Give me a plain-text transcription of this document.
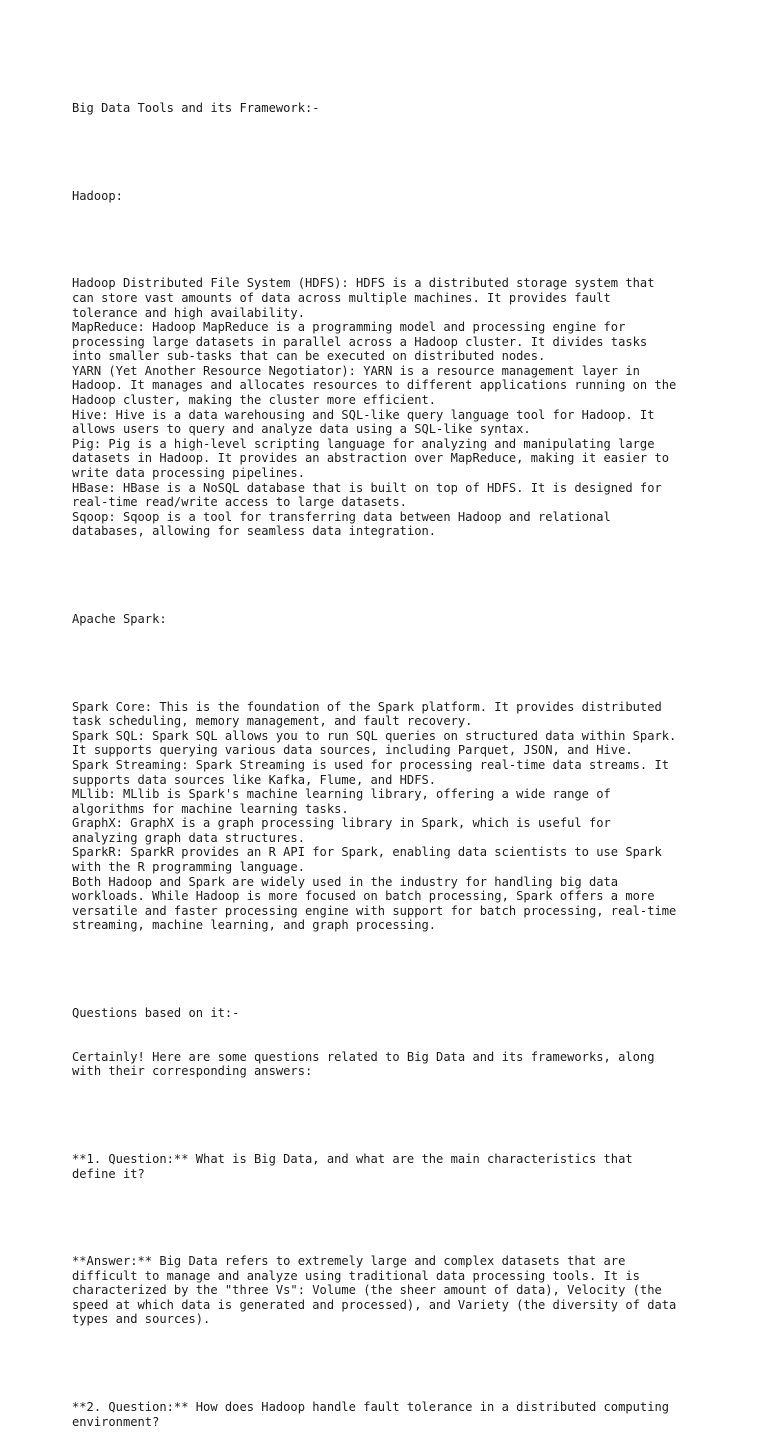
Big Data Tools and its Framework:-

Hadoop:

Hadoop Distributed File System (HDFS): HDFS is a distributed storage system that
can store vast amounts of data across multiple machines. It provides fault
tolerance and high availability.
MapReduce: Hadoop MapReduce is a programming model and processing engine for
processing large datasets in parallel across a Hadoop cluster. It divides tasks
into smaller sub-tasks that can be executed on distributed nodes.
YARN (Yet Another Resource Negotiator): YARN is a resource management layer in
Hadoop. It manages and allocates resources to different applications running on the
Hadoop cluster, making the cluster more efficient.
Hive: Hive is a data warehousing and SQL-like query language tool for Hadoop. It
allows users to query and analyze data using a SQL-like syntax.
Pig: Pig is a high-level scripting language for analyzing and manipulating large
datasets in Hadoop. It provides an abstraction over MapReduce, making it easier to
write data processing pipelines.
HBase: HBase is a NoSQL database that is built on top of HDFS. It is designed for
real-time read/write access to large datasets.
Sqoop: Sqoop is a tool for transferring data between Hadoop and relational
databases, allowing for seamless data integration.

Apache Spark:

Spark Core: This is the foundation of the Spark platform. It provides distributed
task scheduling, memory management, and fault recovery.
Spark SQL: Spark SQL allows you to run SQL queries on structured data within Spark.
It supports querying various data sources, including Parquet, JSON, and Hive.
Spark Streaming: Spark Streaming is used for processing real-time data streams. It
supports data sources like Kafka, Flume, and HDFS.
MLlib: MLlib is Spark's machine learning library, offering a wide range of
algorithms for machine learning tasks.
GraphX: GraphX is a graph processing library in Spark, which is useful for
analyzing graph data structures.
SparkR: SparkR provides an R API for Spark, enabling data scientists to use Spark
with the R programming language.
Both Hadoop and Spark are widely used in the industry for handling big data
workloads. While Hadoop is more focused on batch processing, Spark offers a more
versatile and faster processing engine with support for batch processing, real-time
streaming, machine learning, and graph processing.

Questions based on it:-

Certainly! Here are some questions related to Big Data and its frameworks, along
with their corresponding answers:

**1. Question:** What is Big Data, and what are the main characteristics that
define it?

**Answer:** Big Data refers to extremely large and complex datasets that are
difficult to manage and analyze using traditional data processing tools. It is
characterized by the "three Vs": Volume (the sheer amount of data), Velocity (the
speed at which data is generated and processed), and Variety (the diversity of data
types and sources).

**2. Question:** How does Hadoop handle fault tolerance in a distributed computing
environment?
